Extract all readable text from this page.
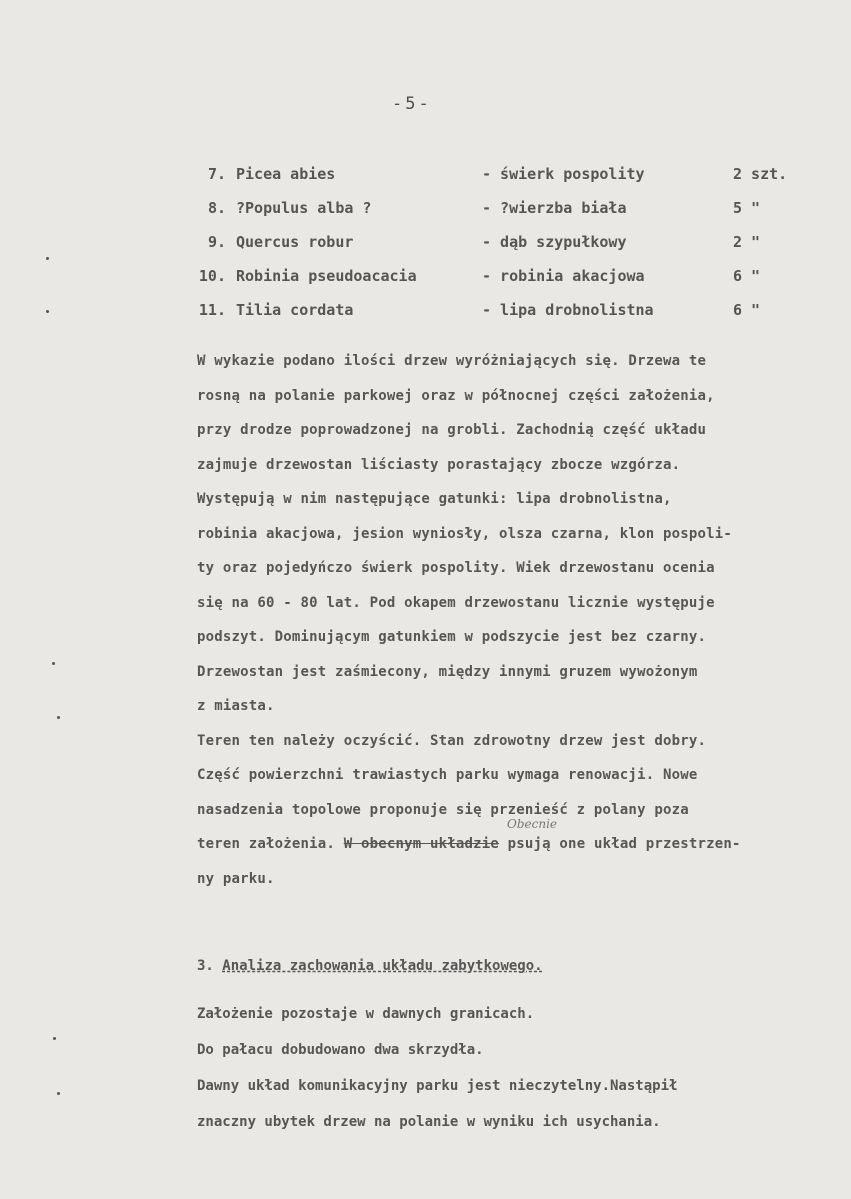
-5-
7. Picea abies	- świerk pospolity	2 szt.
8. ?Populus alba ?	- ?wierzba biała	5 "
9. Quercus robur	- dąb szypułkowy	2 "
10. Robinia pseudoacacia	- robinia akacjowa	6 "
11. Tilia cordata	- lipa drobnolistna	6 "
W wykazie podano ilości drzew wyróżniających się. Drzewa te
rosną na polanie parkowej oraz w północnej części założenia,
przy drodze poprowadzonej na grobli. Zachodnią część układu
zajmuje drzewostan liściasty porastający zbocze wzgórza.
Występują w nim następujące gatunki: lipa drobnolistna,
robinia akacjowa, jesion wyniosły, olsza czarna, klon pospoli-
ty oraz pojedyńczo świerk pospolity. Wiek drzewostanu ocenia
się na 60 - 80 lat. Pod okapem drzewostanu licznie występuje
podszyt. Dominującym gatunkiem w podszycie jest bez czarny.
Drzewostan jest zaśmiecony, między innymi gruzem wywożonym
z miasta.
Teren ten należy oczyścić. Stan zdrowotny drzew jest dobry.
Część powierzchni trawiastych parku wymaga renowacji. Nowe
nasadzenia topolowe proponuje się przenieść z polany poza
teren założenia. W obecnym układzie psują one układ przestrzen-
ny parku.
Obecnie
3. Analiza zachowania układu zabytkowego.
Założenie pozostaje w dawnych granicach.
Do pałacu dobudowano dwa skrzydła.
Dawny układ komunikacyjny parku jest nieczytelny.Nastąpił
znaczny ubytek drzew na polanie w wyniku ich usychania.
